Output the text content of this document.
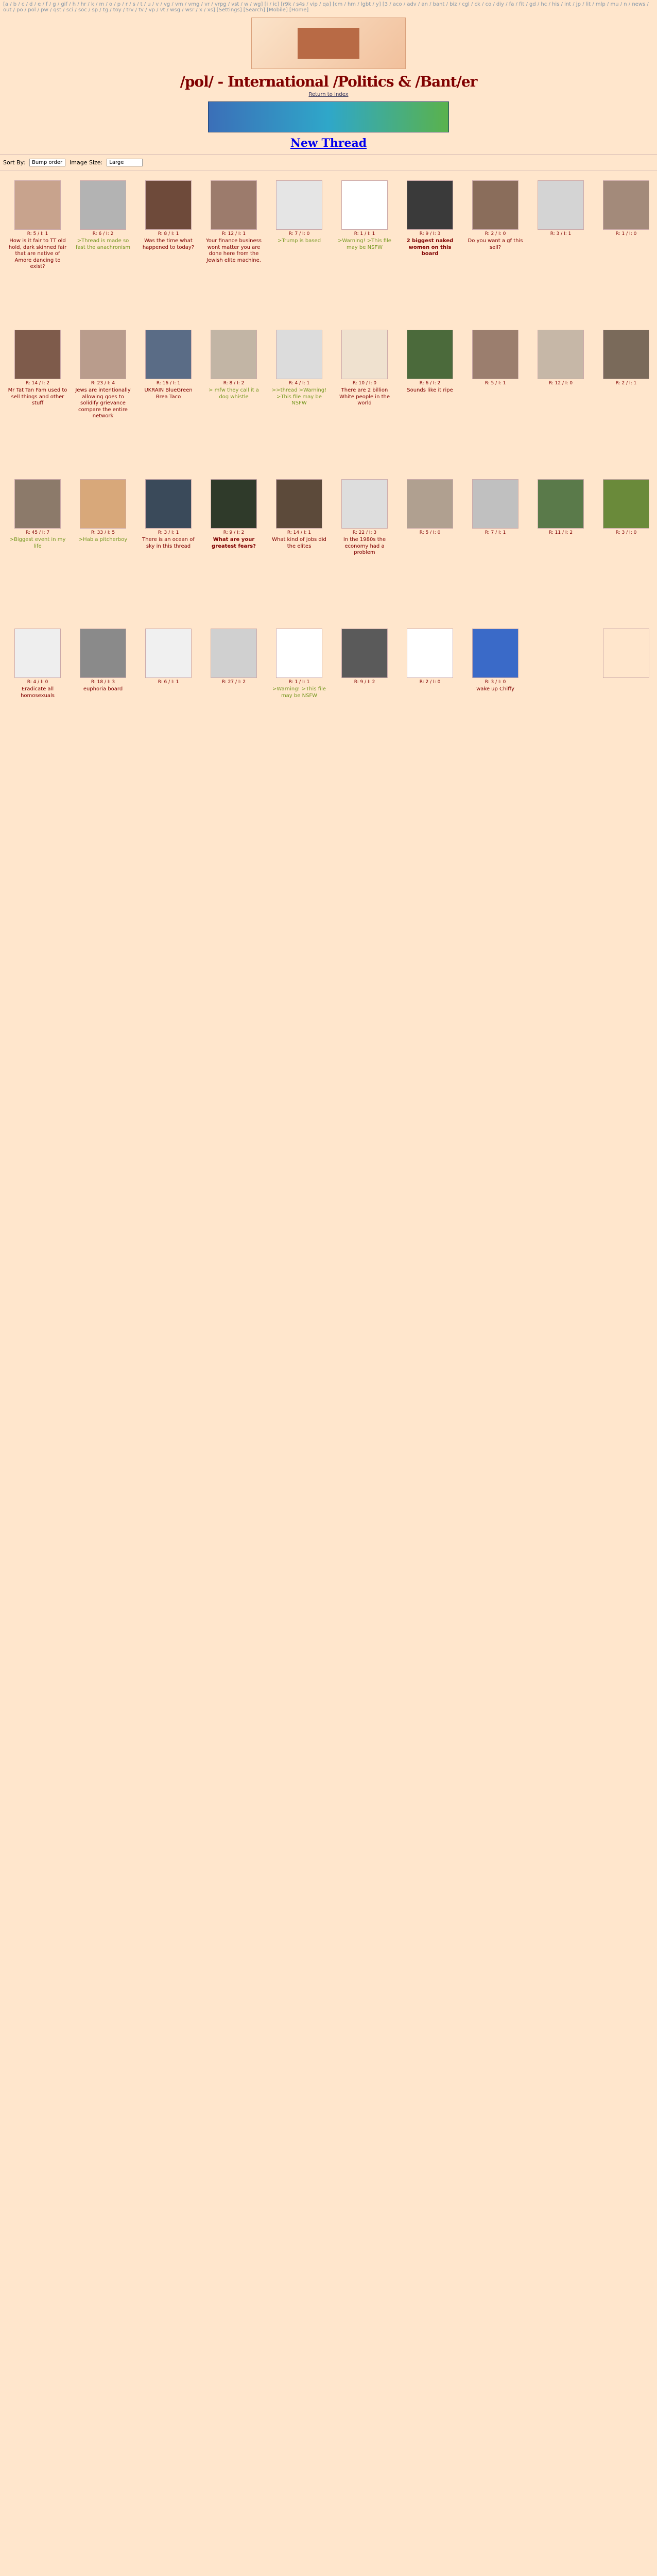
[a / b / c / d / e / f / g / gif / h / hr / k / m / o / p / r / s / t / u / v / vg / vm / vmg / vr / vrpg / vst / w / wg] [i / ic] [r9k / s4s / vip / qa] [cm / hm / lgbt / y] [3 / aco / adv / an / bant / biz / cgl / ck / co / diy / fa / fit / gd / hc / his / int / jp / lit / mlp / mu / n / news / out / po / pol / pw / qst / sci / soc / sp / tg / toy / trv / tv / vp / vt / wsg / wsr / x / xs] [Settings] [Search] [Mobile] [Home]
/pol/ - International /Politics & /Bant/er
Return to Index
New Thread
Sort By:	Bump order	Image Size:	Large
R: 5 / I: 1
How is it fair to TT old hold, dark skinned fair that are native of Amore dancing to exist?
R: 6 / I: 2
>Thread is made so fast the anachronism
R: 8 / I: 1
Was the time what happened to today?
R: 12 / I: 1
Your finance business wont matter you are done here from the Jewish elite machine.
R: 7 / I: 0
>Trump is based
R: 1 / I: 1
>Warning! >This file may be NSFW
R: 9 / I: 3
2 biggest naked women on this board
R: 2 / I: 0
Do you want a gf this sell?
R: 3 / I: 1	R: 1 / I: 0
R: 14 / I: 2
Mr Tat Tan Fam used to sell things and other stuff
R: 23 / I: 4
Jews are intentionally allowing goes to solidify grievance compare the entire network
R: 16 / I: 1
UKRAIN BlueGreen Brea Taco
R: 8 / I: 2
> mfw they call it a dog whistle
R: 4 / I: 1
>>thread >Warning! >This file may be NSFW
R: 10 / I: 0
There are 2 billion White people in the world
R: 6 / I: 2
Sounds like it ripe
R: 5 / I: 1	R: 12 / I: 0	R: 2 / I: 1
R: 45 / I: 7
>Biggest event in my life
R: 33 / I: 5
>Hab a pitcherboy
R: 3 / I: 1
There is an ocean of sky in this thread
R: 9 / I: 2
What are your greatest fears?
R: 14 / I: 1
What kind of jobs did the elites
R: 22 / I: 3
In the 1980s the economy had a problem
R: 5 / I: 0	R: 7 / I: 1	R: 11 / I: 2	R: 3 / I: 0
R: 4 / I: 0
Eradicate all homosexuals
R: 18 / I: 3
euphoria board
R: 6 / I: 1	R: 27 / I: 2	R: 1 / I: 1
>Warning! >This file may be NSFW
R: 9 / I: 2	R: 2 / I: 0	R: 3 / I: 0
wake up Chiffy
